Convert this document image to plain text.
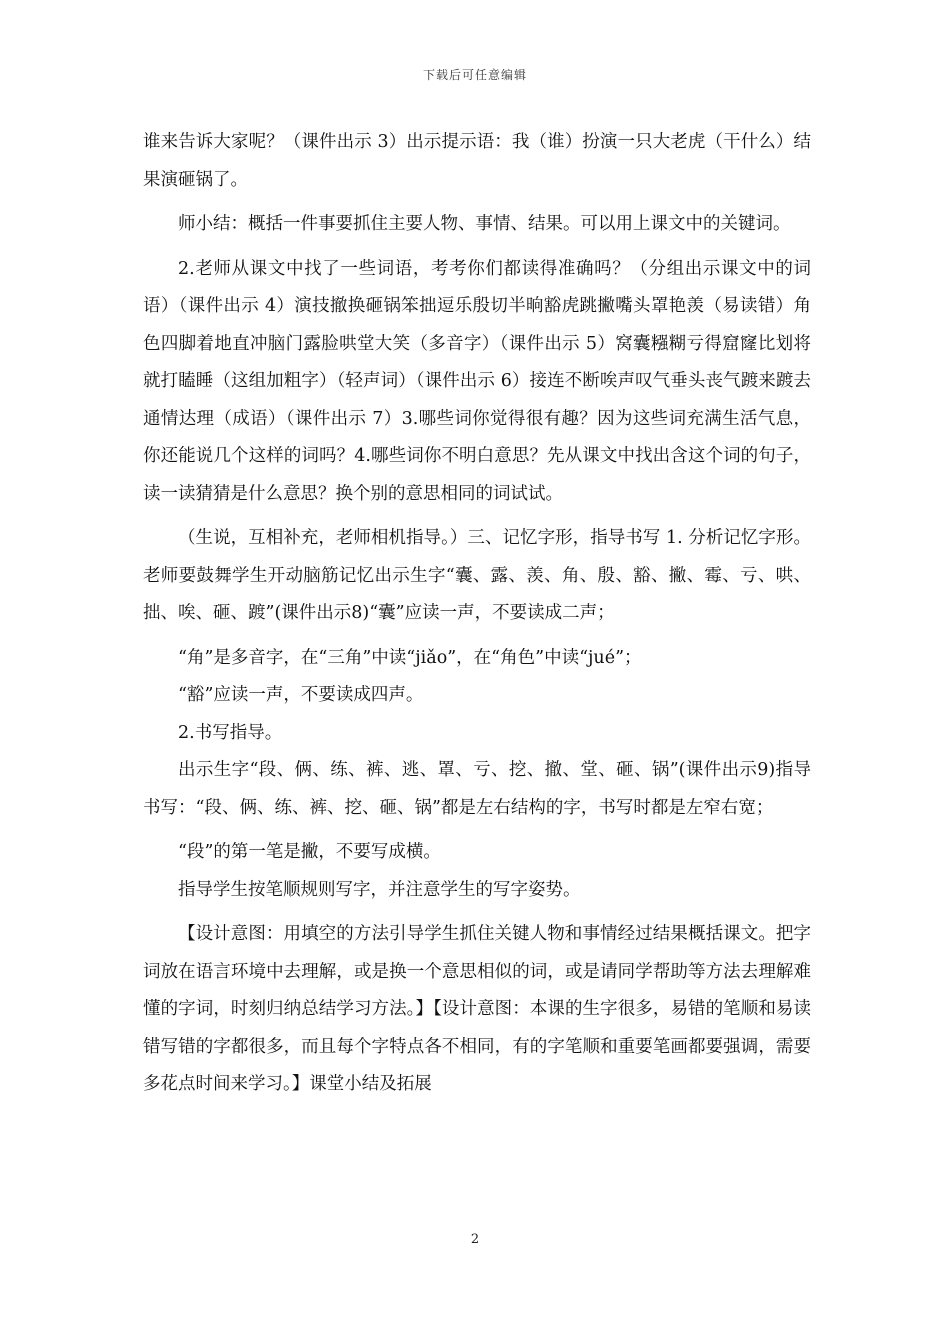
下载后可任意编辑

谁来告诉大家呢？（课件出示 3）出示提示语：我（谁）扮演一只大老虎（干什么）结果演砸锅了。

师小结：概括一件事要抓住主要人物、事情、结果。可以用上课文中的关键词。

2.老师从课文中找了一些词语，考考你们都读得准确吗？（分组出示课文中的词语）（课件出示 4）演技撤换砸锅笨拙逗乐殷切半晌豁虎跳撇嘴头罩艳羡（易读错）角色四脚着地直冲脑门露脸哄堂大笑（多音字）（课件出示 5）窝囊糨糊亏得窟窿比划将就打瞌睡（这组加粗字）（轻声词）（课件出示 6）接连不断唉声叹气垂头丧气踱来踱去通情达理（成语）（课件出示 7）3.哪些词你觉得很有趣？因为这些词充满生活气息，你还能说几个这样的词吗？4.哪些词你不明白意思？先从课文中找出含这个词的句子，读一读猜猜是什么意思？换个别的意思相同的词试试。

（生说，互相补充，老师相机指导。）三、记忆字形，指导书写 1. 分析记忆字形。老师要鼓舞学生开动脑筋记忆出示生字“囊、露、羡、角、殷、豁、撇、霉、亏、哄、拙、唉、砸、踱”(课件出示8)“囊”应读一声，不要读成二声；

“角”是多音字，在“三角”中读“jiǎo”，在“角色”中读“jué”；

“豁”应读一声，不要读成四声。

2.书写指导。

出示生字“段、俩、练、裤、逃、罩、亏、挖、撤、堂、砸、锅”(课件出示9)指导书写：“段、俩、练、裤、挖、砸、锅”都是左右结构的字，书写时都是左窄右宽；

“段”的第一笔是撇，不要写成横。

指导学生按笔顺规则写字，并注意学生的写字姿势。

【设计意图：用填空的方法引导学生抓住关键人物和事情经过结果概括课文。把字词放在语言环境中去理解，或是换一个意思相似的词，或是请同学帮助等方法去理解难懂的字词，时刻归纳总结学习方法。】【设计意图：本课的生字很多，易错的笔顺和易读错写错的字都很多，而且每个字特点各不相同，有的字笔顺和重要笔画都要强调，需要多花点时间来学习。】课堂小结及拓展

2
